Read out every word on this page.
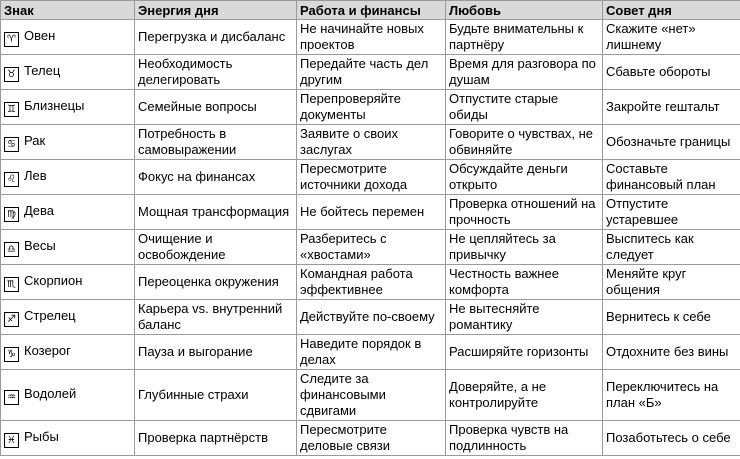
Знак	Энергия дня	Работа и финансы	Любовь	Совет дня
♈ Овен	Перегрузка и дисбаланс	Не начинайте новых проектов	Будьте внимательны к партнёру	Скажите «нет» лишнему
♉ Телец	Необходимость делегировать	Передайте часть дел другим	Время для разговора по душам	Сбавьте обороты
♊ Близнецы	Семейные вопросы	Перепроверяйте документы	Отпустите старые обиды	Закройте гештальт
♋ Рак	Потребность в самовыражении	Заявите о своих заслугах	Говорите о чувствах, не обвиняйте	Обозначьте границы
♌ Лев	Фокус на финансах	Пересмотрите источники дохода	Обсуждайте деньги открыто	Составьте финансовый план
♍ Дева	Мощная трансформация	Не бойтесь перемен	Проверка отношений на прочность	Отпустите устаревшее
♎ Весы	Очищение и освобождение	Разберитесь с «хвостами»	Не цепляйтесь за привычку	Выспитесь как следует
♏ Скорпион	Переоценка окружения	Командная работа эффективнее	Честность важнее комфорта	Меняйте круг общения
♐ Стрелец	Карьера vs. внутренний баланс	Действуйте по-своему	Не вытесняйте романтику	Вернитесь к себе
♑ Козерог	Пауза и выгорание	Наведите порядок в делах	Расширяйте горизонты	Отдохните без вины
♒ Водолей	Глубинные страхи	Следите за финансовыми сдвигами	Доверяйте, а не контролируйте	Переключитесь на план «Б»
♓ Рыбы	Проверка партнёрств	Пересмотрите деловые связи	Проверка чувств на подлинность	Позаботьтесь о себе
